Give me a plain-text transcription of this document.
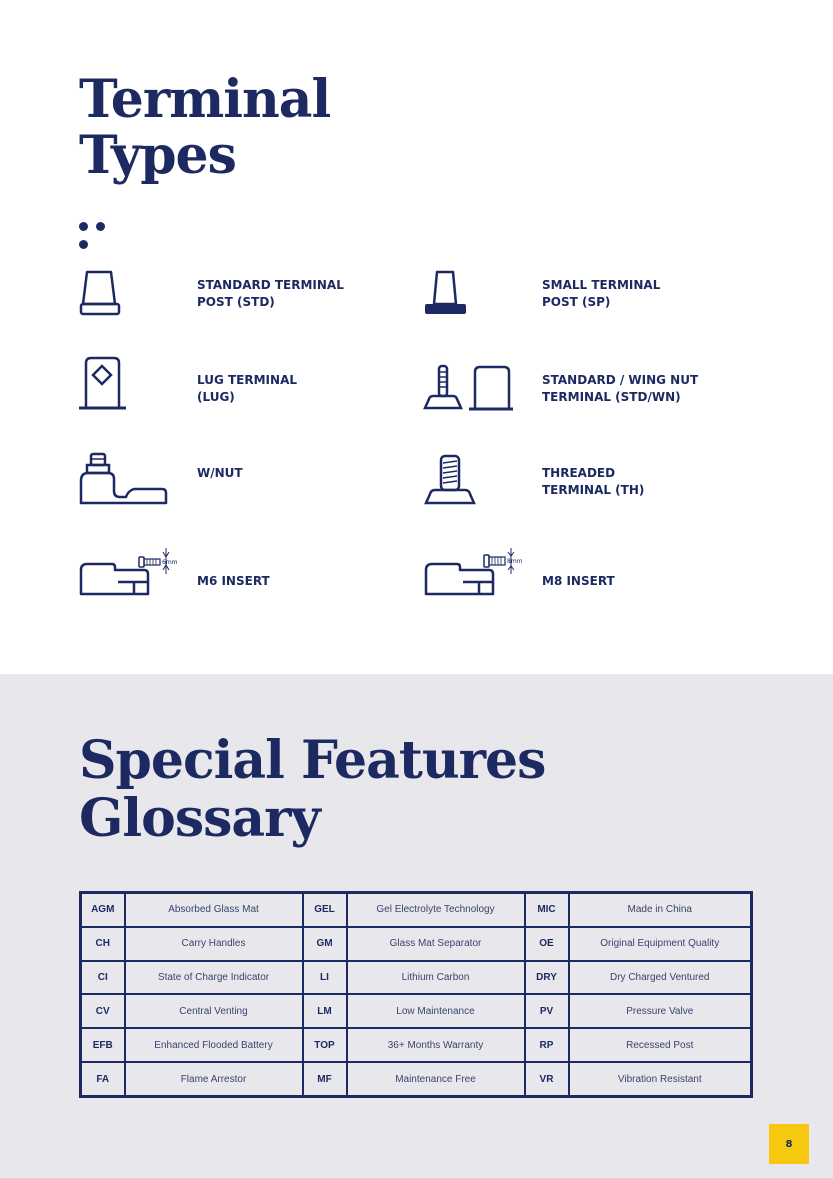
Terminal
Types
STANDARD TERMINAL
POST (STD)
SMALL TERMINAL
POST (SP)
LUG TERMINAL
(LUG)
STANDARD / WING NUT
TERMINAL (STD/WN)
W/NUT	THREADED
TERMINAL (TH)
6mm
M6 INSERT
8mm
M8 INSERT
Special Features
Glossary
AGM	Absorbed Glass Mat	GEL	Gel Electrolyte Technology	MIC	Made in China
CH	Carry Handles	GM	Glass Mat Separator	OE	Original Equipment Quality
CI	State of Charge Indicator	LI	Lithium Carbon	DRY	Dry Charged Ventured
CV	Central Venting	LM	Low Maintenance	PV	Pressure Valve
EFB	Enhanced Flooded Battery	TOP	36+ Months Warranty	RP	Recessed Post
FA	Flame Arrestor	MF	Maintenance Free	VR	Vibration Resistant
8
